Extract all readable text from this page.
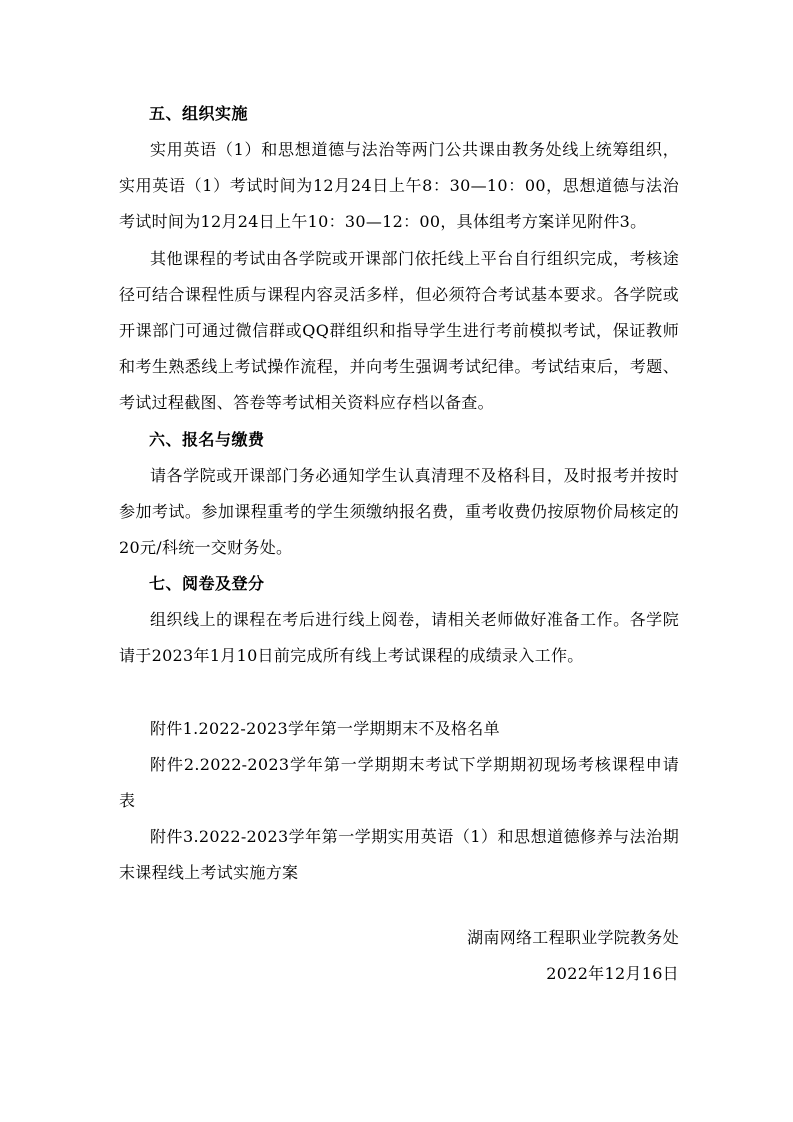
五、组织实施

实用英语（1）和思想道德与法治等两门公共课由教务处线上统筹组织，实用英语（1）考试时间为12月24日上午8：30—10：00，思想道德与法治考试时间为12月24日上午10：30—12：00，具体组考方案详见附件3。

其他课程的考试由各学院或开课部门依托线上平台自行组织完成，考核途径可结合课程性质与课程内容灵活多样，但必须符合考试基本要求。各学院或开课部门可通过微信群或QQ群组织和指导学生进行考前模拟考试，保证教师和考生熟悉线上考试操作流程，并向考生强调考试纪律。考试结束后，考题、考试过程截图、答卷等考试相关资料应存档以备查。

六、报名与缴费

请各学院或开课部门务必通知学生认真清理不及格科目，及时报考并按时参加考试。参加课程重考的学生须缴纳报名费，重考收费仍按原物价局核定的20元/科统一交财务处。

七、阅卷及登分

组织线上的课程在考后进行线上阅卷，请相关老师做好准备工作。各学院请于2023年1月10日前完成所有线上考试课程的成绩录入工作。

附件1.2022-2023学年第一学期期末不及格名单

附件2.2022-2023学年第一学期期末考试下学期期初现场考核课程申请表

附件3.2022-2023学年第一学期实用英语（1）和思想道德修养与法治期末课程线上考试实施方案

湖南网络工程职业学院教务处
2022年12月16日
